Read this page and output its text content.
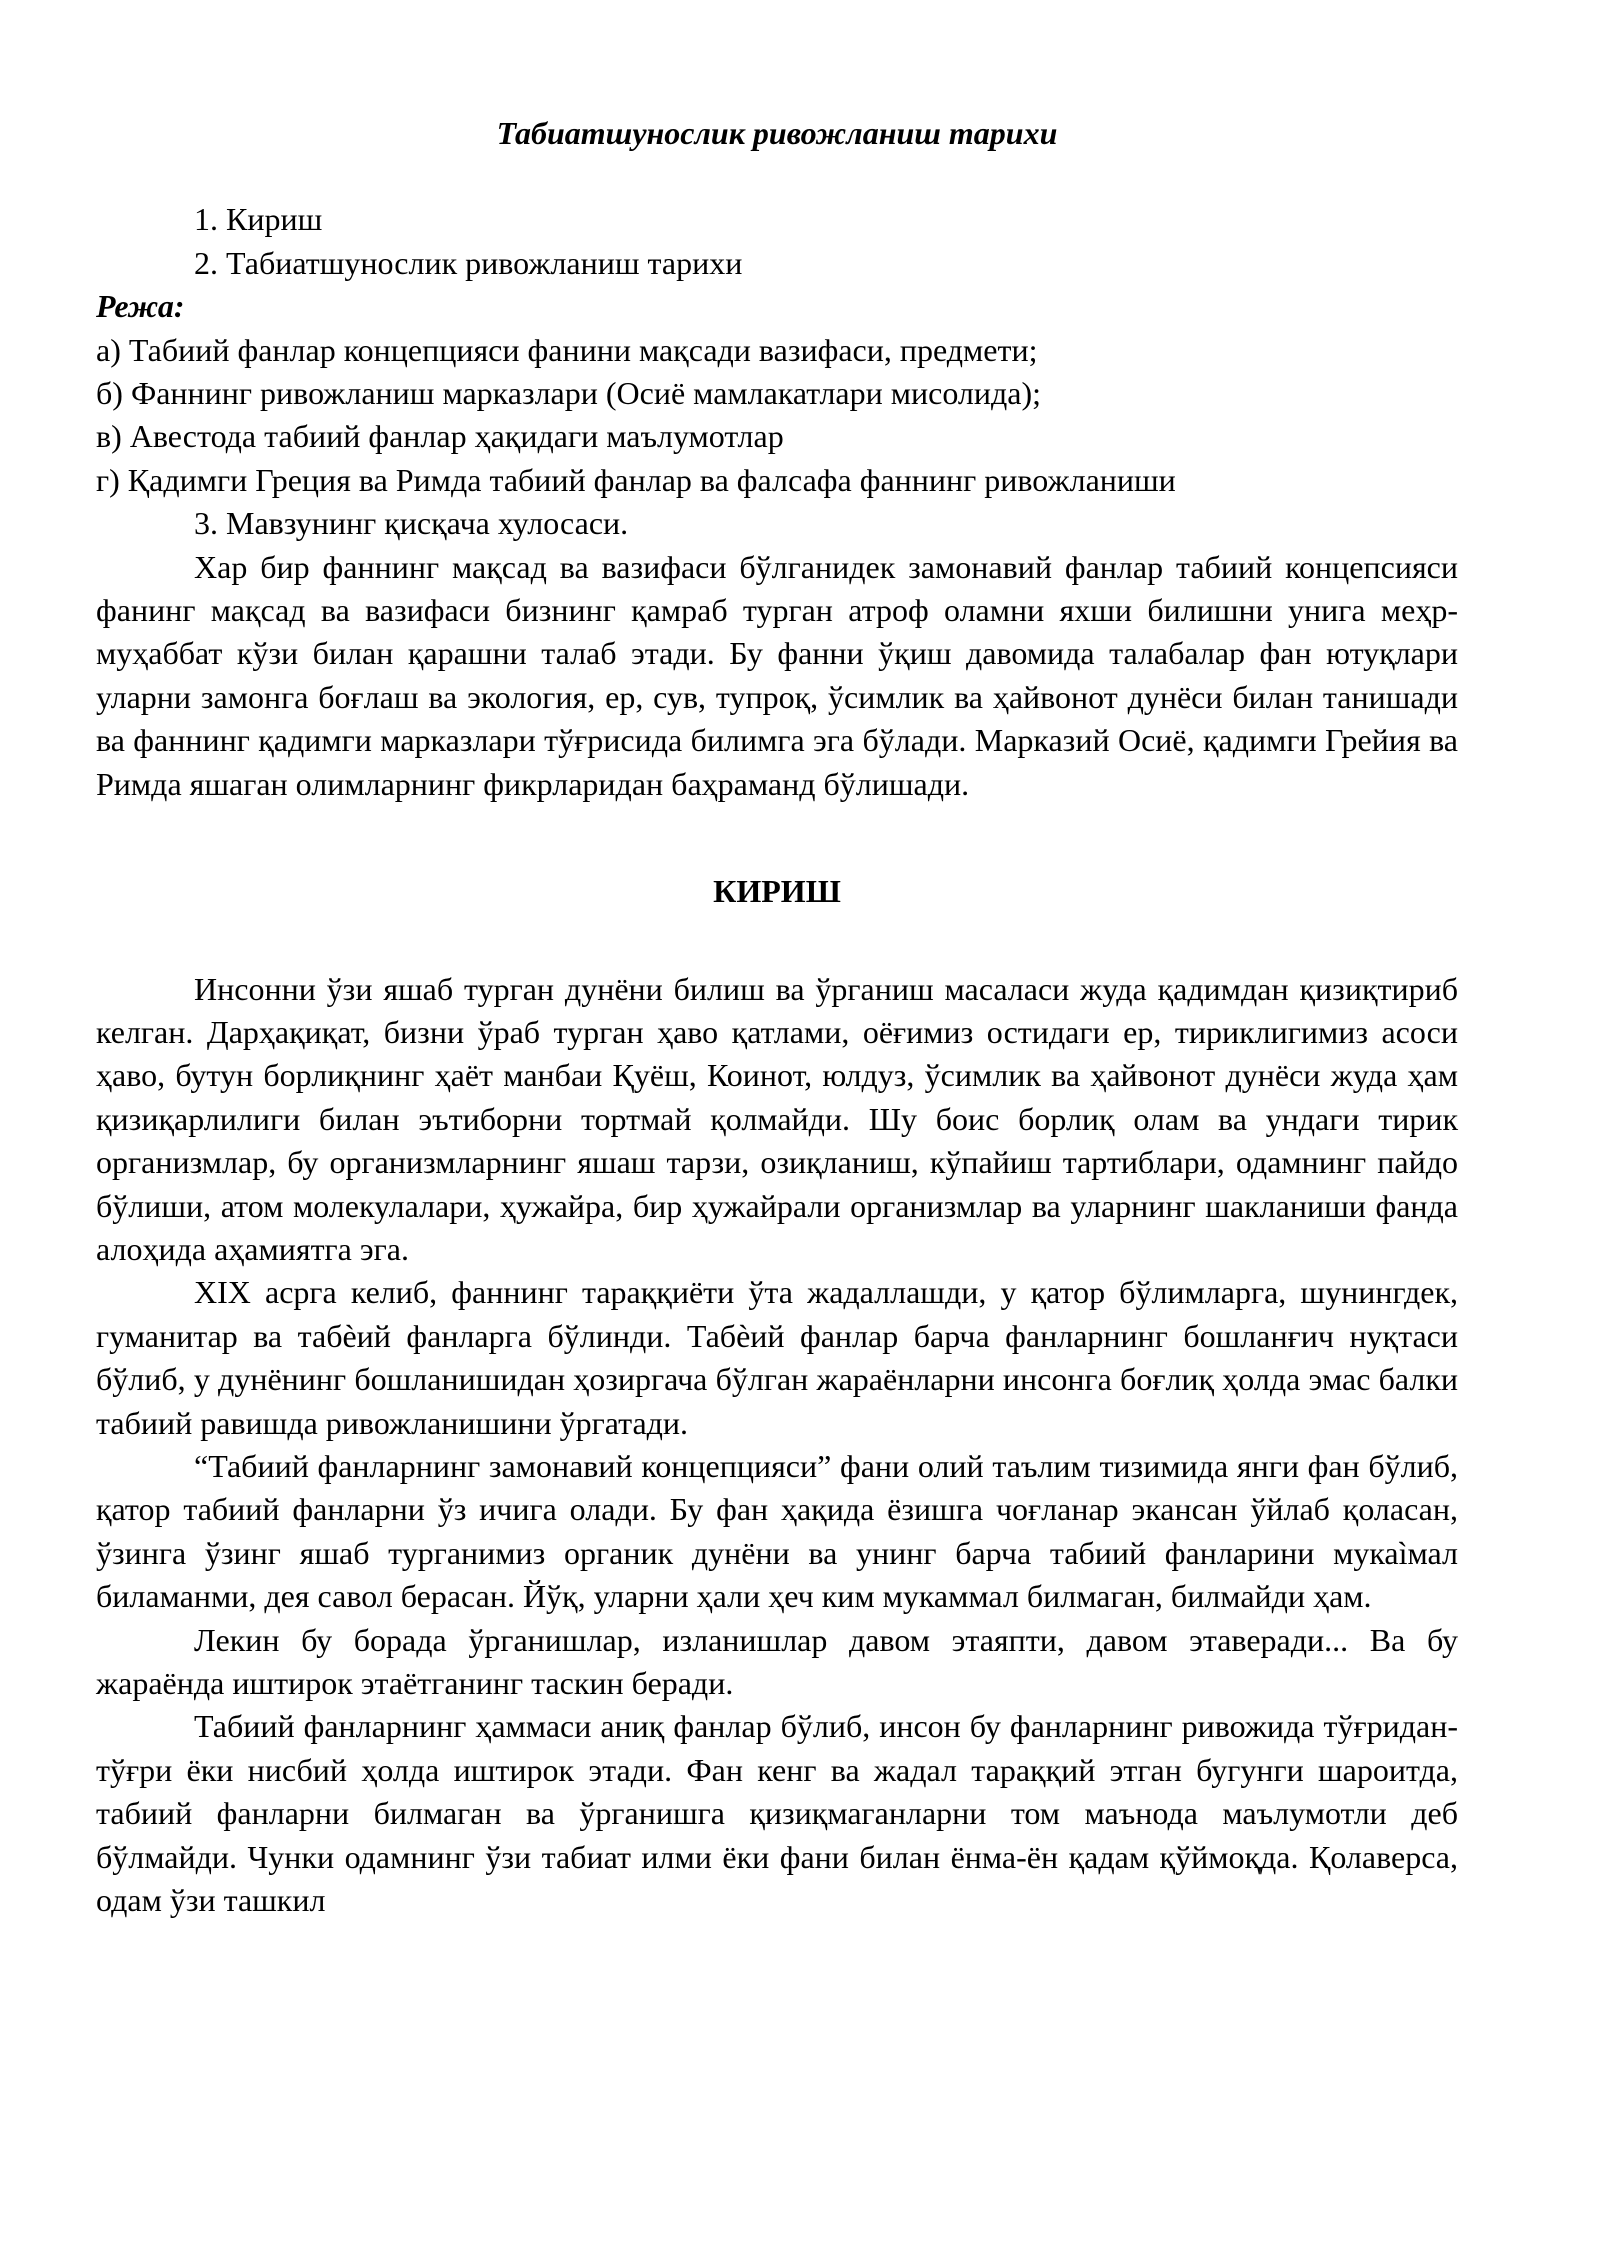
Табиатшунослик ривожланиш тарихи

1. Кириш

2. Табиатшунослик ривожланиш тарихи

Режа:

а) Табиий фанлар концепцияси фанини мақсади вазифаси, предмети;

б) Фаннинг ривожланиш марказлари (Осиё мамлакатлари мисолида);

в) Авестода табиий фанлар ҳақидаги маълумотлар

г) Қадимги Греция ва Римда табиий фанлар ва фалсафа фаннинг ривожланиши

3. Мавзунинг қисқача хулосаси.

Хар бир фаннинг мақсад ва вазифаси бўлганидек замонавий фанлар табиий концепсияси фанинг мақсад ва вазифаси бизнинг қамраб турган атроф оламни яхши билишни унига меҳр-муҳаббат кўзи билан қарашни талаб этади. Бу фанни ўқиш давомида талабалар фан ютуқлари уларни замонга боғлаш ва экология, ер, сув, тупроқ, ўсимлик ва ҳайвонот дунёси билан танишади ва фаннинг қадимги марказлари тўғрисида билимга эга бўлади. Марказий Осиё, қадимги Грейия ва Римда яшаган олимларнинг фикрларидан баҳраманд бўлишади.

КИРИШ

Инсонни ўзи яшаб турган дунёни билиш ва ўрганиш масаласи жуда қадимдан қизиқтириб келган. Дарҳақиқат, бизни ўраб турган ҳаво қатлами, оёғимиз остидаги ер, тириклигимиз асоси ҳаво, бутун борлиқнинг ҳаёт манбаи Қуёш, Коинот, юлдуз, ўсимлик ва ҳайвонот дунёси жуда ҳам қизиқарлилиги билан эътиборни тортмай қолмайди. Шу боис борлиқ олам ва ундаги тирик организмлар, бу организмларнинг яшаш тарзи, озиқланиш, кўпайиш тартиблари, одамнинг пайдо бўлиши, атом молекулалари, ҳужайра, бир ҳужайрали организмлар ва уларнинг шакланиши фанда алоҳида аҳамиятга эга.

XIX асрга келиб, фаннинг тараққиёти ўта жадаллашди, у қатор бўлимларга, шунингдек, гуманитар ва табѐий фанларга бўлинди. Табѐий фанлар барча фанларнинг бошланғич нуқтаси бўлиб, у дунёнинг бошланишидан ҳозиргача бўлган жараёнларни инсонга боғлиқ ҳолда эмас балки табиий равишда ривожланишини ўргатади.

“Табиий фанларнинг замонавий концепцияси” фани олий таълим тизимида янги фан бўлиб, қатор табиий фанларни ўз ичига олади. Бу фан ҳақида ёзишга чоғланар экансан ўйлаб қоласан, ўзинга ўзинг яшаб турганимиз органик дунёни ва унинг барча табиий фанларини мукаìмал биламанми, дея савол берасан. Йўқ, уларни ҳали ҳеч ким мукаммал билмаган, билмайди ҳам.

Лекин бу борада ўрганишлар, изланишлар давом этаяпти, давом этаверади... Ва бу жараёнда иштирок этаётганинг таскин беради.

Табиий фанларнинг ҳаммаси аниқ фанлар бўлиб, инсон бу фанларнинг ривожида тўғридан-тўғри ёки нисбий ҳолда иштирок этади. Фан кенг ва жадал тараққий этган бугунги шароитда, табиий фанларни билмаган ва ўрганишга қизиқмаганларни том маънода маълумотли деб бўлмайди. Чунки одамнинг ўзи табиат илми ёки фани билан ёнма-ён қадам қўймоқда. Қолаверса, одам ўзи ташкил
